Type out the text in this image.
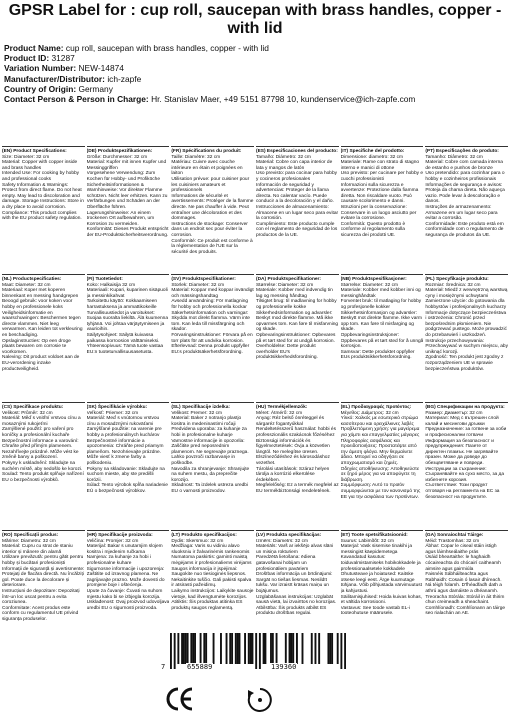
GPSR Label for : cup roll, saucepan with brass handles, copper - with lid
Product Name: cup roll, saucepan with brass handles, copper - with lid
Product ID: 31287
Variation Number: NEW-14874
Manufacturer/Distributor: ich-zapfe
Country of Origin: Germany
Contact Person & Person in Charge: Hr. Stanislav Maer, +49 5151 87798 10, kundenservice@ich-zapfe.com
(EN) Product Specifications:
Size: Diameter: 32 cm
Material: Copper with copper inside and brass handles
Intended Use: For cooking by hobby and professional cooks
Safety Information & Warnings: Protect from direct flame. Do not heat empty. May lead to discoloration and damage. Storage Instructions: Store in a dry place to avoid corrosion.
Compliance: This product complies with the EU product safety regulation.
(DE) Produktspezifikationen:
Größe: Durchmesser: 32 cm
Material: Kupfer mit innen Kupfer und Messinggriffen
Vorgesehene Verwendung: Zum Kochen für Hobby- und Profiköche
Sicherheitsinformationen & Warnhinweise: Vor direkter Flamme schützen. Nicht leer erhitzen. Kann zu Verfärbungen und Schäden an der Oberfläche führen.
Lagerungshinweise: An einem trockenen Ort aufbewahren, um Korrosion zu vermeiden.
Konformität: Dieses Produkt entspricht der EU-Produktsicherheitsverordnung.
(FR) Spécifications du produit:
Taille: Diamètre: 32 cm
Matériau: Cuivre avec couche intérieure en étain et poignées en laiton
Utilisation prévue: pour cuisiner pour les cuisiniers amateurs et professionnels
Informations de sécurité et avertissements: Protéger de la flamme directe. Ne pas chauffer à vide. Peut entraîner une décoloration et des dommages.
Instructions de stockage: Conserver dans un endroit sec pour éviter la corrosion.
Conformité: Ce produit est conforme à la réglementation de l'UE sur la sécurité des produits.
(ES) Especificaciones del producto:
Tamaño: Diámetro: 32 cm
Material: Cobre con capa interior de lata y mangos de latón
Uso previsto: para cocinar para hobby y cocineros profesionales
Información de seguridad y advertencias: Proteger de la llama directa. No calentar vacío. Puede conducir a la decoloración y el daño.
Instrucciones de almacenamiento: Almacene en un lugar seco para evitar la corrosión.
Cumplimiento: Este producto cumple con el reglamento de seguridad de los productos de la UE.
(IT) Specifiche del prodotto:
Dimensione: diametro: 32 cm
Materiale: Rame con strato di stagno interno e manici di ottone
Uso previsto: per cucinare per hobby e cuochi professionisti
Informazioni sulla sicurezza e avvertenze: Protezione dalla fiamma diretta. Non riscaldare vuoto. Può causare scolorimento e danni.
Istruzioni per la conservazione: Conservare in un luogo asciutto per evitare la corrosione.
Conformità: Questo prodotto è conforme al regolamento sulla sicurezza dei prodotti UE.
(PT) Especificações do produto:
Tamanho: Diâmetro: 32 cm
Material: Cobre com camada interna de estanho e punhos de bronze
Uso pretendido: para cozinhar para o hobby e cozinheiros profissionais
Informações de segurança e avisos: Proteja da chama direta. Não aqueça vazio. Pode levar à descoloração e danos.
Instruções de armazenamento: Armazene em um lugar seco para evitar a corrosão.
Conformidade: Este produto está em conformidade com o regulamento de segurança de produtos da UE.
(NL) Productspecificaties:
Maat: Diameter: 32 cm
Materiaal: Koper met koperen binnenkant en messing handgrepen
Beoogd gebruik: voor koken voor hobby en professionele koks
Veiligheidsinformatie en waarschuwingen: Beschermen tegen directe vlammen. Niet leeg verwarmen. Kan leiden tot verkleuring en beschadiging.
Opslaginstructies: Op een droge plaats bewaren om corrosie te voorkomen.
Naleving: Dit product voldoet aan de EU-verordening inzake productveiligheid.
(FI) Tuotetiedot:
Koko: Halkaisija 32 cm
Materiaali: Kupari, kuparinen sisäpuoli ja messinkikahvat
Tarkoitettu käyttö: Kokkaamiseen harrastuksena ja ammattikokeille
Turvallisuustiedot ja varoitukset: Suojaa suoralta liekiltä. Älä kuumenna tyhjänä. Voi johtaa värjäytymiseen ja vaurioihin.
Säilytysohjeet: Säilytä kuivassa paikassa korroosion välttämiseksi.
Yhteensopivuus: Tämä tuote vastaa EU:n tuoteturvallisuusasetusta.
(SV) Produktspecifikationer:
Storlek: Diameter: 32 cm
Material: Koppar med koppar invändigt och mässingshandtag
Avsedd användning: För matlagning för hobby och professionella kockar
Säkerhetsinformation och varningar: Skydda mot direkt flamma. Värm inte tom. Kan leda till missfärgning och skador.
Förvaringsinstruktioner: Förvara på en torr plats för att undvika korrosion.
Efterlevnad: Denna produkt uppfyller EU:s produktsäkerhetsförordning.
(DA) Produktspecifikationer:
Størrelse: Diameter: 32 cm
Materiale: Kobber med indvendig tin lag og messing håndtag
Tilsigtet brug: til madlavning for hobby og professionelle kokke
Sikkerhedsinformation og advarsler: Beskyt mod direkte flamme. Må ikke opvarmes tom. Kan føre til misfarvning og skade.
Opbevaringsinstruktioner: Opbevares på et tørt sted for at undgå korrosion.
Overholdelse: Dette produkt overholder EU's produktsikkerhedsforordning.
(NB) Produktspesifikasjoner:
Størrelse: Diameter: 32 cm
Materiale: Kobber med kobber inni og messinghåndtak
Forventet bruk: til matlaging for hobby og profesjonelle kokker
Sikkerhetsinformasjon og advarsler: Beskytt mot direkte flamme. Ikke varm opp tom. Kan føre til misfarging og skade.
Oppbevaringsinstruksjoner: Oppbevares på et tørt sted for å unngå korrosjon.
Samsvar: Dette produktet oppfyller EUs produktsikkerhetsforordning.
(PL) Specyfikacje produktu:
Rozmiar: Średnica: 32 cm
Materiał: Miedź z wewnętrzną warstwą cyny i mosiężnymi uchwytami
Zamierzone użycie: do gotowania dla hobbystów i profesjonalnych kucharzy
Informacje dotyczące bezpieczeństwa i ostrzeżenia: Chronić przed bezpośrednim płomieniem. Nie podgrzewać pustego. Może prowadzić do przebarwień i uszkodzeń.
Instrukcje przechowywania: Przechowywać w suchym miejscu, aby uniknąć korozji.
Zgodność: Ten produkt jest zgodny z rozporządzeniem UE w sprawie bezpieczeństwa produktów.
(CS) Specifikace produktu:
Velikost: Průměr: 32 cm
Materiál: Měď s vnitřní vrstvou cínu a mosaznými rukojeťmi
Zamýšlené použití: pro vaření pro koníčky a profesionální kuchaře
Bezpečnostní informace a varování: Chraňte před přímým plamenem. Nezahřívejte prázdné. Může vést ke změně barvy a poškození.
Pokyny k uskladnění: Skladujte na suchém místě, aby nedošlo ke korozi.
Soulad: Tento produkt splňuje nařízení EU o bezpečnosti výrobků.
(SK) Špecifikácie výrobku:
Veľkosť: Priemer: 32 cm
Materiál: Meď s vnútornou vrstvou cínu a mosadznými rukoväťami
Zamýšľané použitie: na varenie pre hobby a profesionálnych kuchárov
Bezpečnostné informácie a upozornenia: Chráňte pred priamym plameňom. Nezohrievajte prázdne. Môže viesť k zmene farby a poškodeniu.
Pokyny na skladovanie: Skladujte na suchom mieste, aby ste predišli korózii.
Súlad: Tento výrobok spĺňa nariadenie EÚ o bezpečnosti výrobkov.
(SL) Specifikacije izdelka:
Velikost: Premer: 32 cm
Material: Baker z notranjo plastjo kositra in medeninastimi ročaji
Predvidena uporaba: za kuhanje za hobi in profesionalne kuharje
Varnostne informacije in opozorila: Zaščitite pred neposrednim plamenom. Ne segrevajte praznega. Lahko povzroči razbarvanje in poškodbe.
Navodila za shranjevanje: Shranjujte na suhem mestu, da preprečite korozijo.
Skladnost: Ta izdelek ustreza uredbi EU o varnosti proizvodov.
(HU) Termékjellemzők:
Méret: Átmérő: 32 cm
Anyag: Réz belső ónréteggel és sárgaréz fogantyúkkal
Rendeltetésszerű használat: hobbi és professzionális szakácsok főzéséhez
Biztonsági információk és figyelmeztetések: Óvja a közvetlen lángtól. Ne melegítse üresen. Elszíneződéshez és károsodáshoz vezethet.
Tárolási utasítások: Száraz helyen tárolja a korrózió elkerülése érdekében.
Megfelelőség: Ez a termék megfelel az EU termékbiztonsági rendeletének.
(EL) Προδιαγραφές προϊόντος:
Μέγεθος: Διάμετρος: 32 cm
Υλικό: Χαλκός με εσωτερικό στρώμα κασσίτερου και ορειχάλκινες λαβές
Προβλεπόμενη χρήση: για μαγείρεμα για χόμπι και επαγγελματίες μάγειρες
Πληροφορίες ασφάλειας και προειδοποιήσεις: Προστατέψτε από την άμεση φλόγα. Μην θερμαίνετε άδειο. Μπορεί να οδηγήσει σε αποχρωματισμό και ζημιές.
Οδηγίες αποθήκευσης: Αποθηκεύστε σε ξηρό μέρος για να αποφύγετε τη διάβρωση.
Συμμόρφωση: Αυτό το προϊόν συμμορφώνεται με τον κανονισμό της ΕΕ για την ασφάλεια των προϊόντων.
(BG) Спецификации на продукта:
Размер: Диаметър: 32 cm
Материал: Мед с вътрешен слой калай и месингови дръжки
Предназначение: за готвене за хоби и професионални готвачи
Информация за безопасност и предупреждения: Пазете от директен пламък. Не загрявайте празен. Може да доведе до обезцветяване и повреди.
Инструкции за съхранение: Съхранявайте на сухо място, за да избегнете корозия.
Съответствие: Този продукт отговаря на регламента на ЕС за безопасност на продуктите.
(RO) Specificații produs:
Mărime: Diametru: 32 cm
Material: Cupru cu strat de staniu interior și mânere din alamă
Utilizare prevăzută: pentru gătit pentru hobby și bucătari profesioniști
Informații de siguranță și avertismente: Protejați de flacăra directă. Nu încălziți gol. Poate duce la decolorare și deteriorare.
Instrucțiuni de depozitare: Depozitați într-un loc uscat pentru a evita coroziunea.
Conformitate: Acest produs este conform cu regulamentul UE privind siguranța produselor.
(HR) Specifikacije proizvoda:
Veličina: Promjer: 32 cm
Materijal: Bakar s unutarnjim slojem kositra i mjedenim ručkama
Namjena: za kuhanje za hobi i profesionalne kuhare
Sigurnosne informacije i upozorenja: Zaštitite od izravnog plamena. Ne zagrijavajte prazno. Može dovesti do promjene boje i oštećenja.
Upute za čuvanje: Čuvati na suhom mjestu kako bi se izbjegla korozija.
Usklađenost: Ovaj proizvod udovoljava uredbi EU o sigurnosti proizvoda.
(LT) Produkto specifikacijos:
Dydis: Skersmuo: 32 cm
Medžiaga: Varis su vidiniu alavo sluoksniu ir žalvarinėmis rankenomis
Numatoma paskirtis: gaminti maistą mėgėjams ir profesionaliems virėjams
Saugos informacija ir įspėjimai: Saugokite nuo tiesioginės liepsnos. Nekaitinkite tuščio. Gali pakisti spalva ir atsirasti pažeidimų.
Laikymo instrukcijos: Laikykite sausoje vietoje, kad išvengtumėte korozijos.
Atitiktis: Šis produktas atitinka ES produktų saugos reglamentą.
(LV) Produkta specifikācijas:
Izmērs: Diametrs: 32 cm
Materiāls: Varš ar iekšējo alvas slāni un misiņa rokturiem
Paredzētā lietošana: ēdiena gatavošanai hobijam un profesionāliem pavāriem
Drošības informācija un brīdinājumi: Sargāt no tiešas liesmas. Nesildīt tukšu. Var izraisīt krāsas maiņu un bojājumus.
Uzglabāšanas instrukcijas: Uzglabāt sausā vietā, lai izvairītos no korozijas.
Atbilstība: Šis produkts atbilst ES produktu drošības regulai.
(ET) Toote spetsifikatsioonid:
Suurus: Läbimõõt: 32 cm
Materjal: Vask sisemise tinakihi ja messingist käepidemetega
Kavandatud kasutus: toiduvalmistamiseks hobikokkadele ja professionaalsetele kokkadele
Ohutusteave ja hoiatused: Kaitske otsese leegi eest. Ärge kuumutage tühjana. Võib põhjustada värvimuutust ja kahjustusi.
Säilitamisjuhised: Hoida kuivas kohas, et vältida korrosiooni.
Vastavus: See toode vastab EL-i tooteohutuse määrusele.
(GA) Sonraíochtaí Táirge:
Méid: Trastomhas: 32 cm
Ábhar: Copar le ciseal stáin istigh agus láimhseálaithe prás
Úsáid bheartaithe: le haghaidh cócaireachta do chócairí caitheamh aimsire agus gairmiúla
Faisnéis Sábháilteachta agus Rabhaidh: Cosain ó lasair dhíreach. Ná téigh folamh. D'fhéadfadh dath a athrú agus damáiste a dhéanamh.
Treoracha Stórála: Stóráil in áit thirim chun creimeadh a sheachaint.
Comhlíonadh: Comhlíonann an táirge seo rialachán an AE.
7	655889	139360
